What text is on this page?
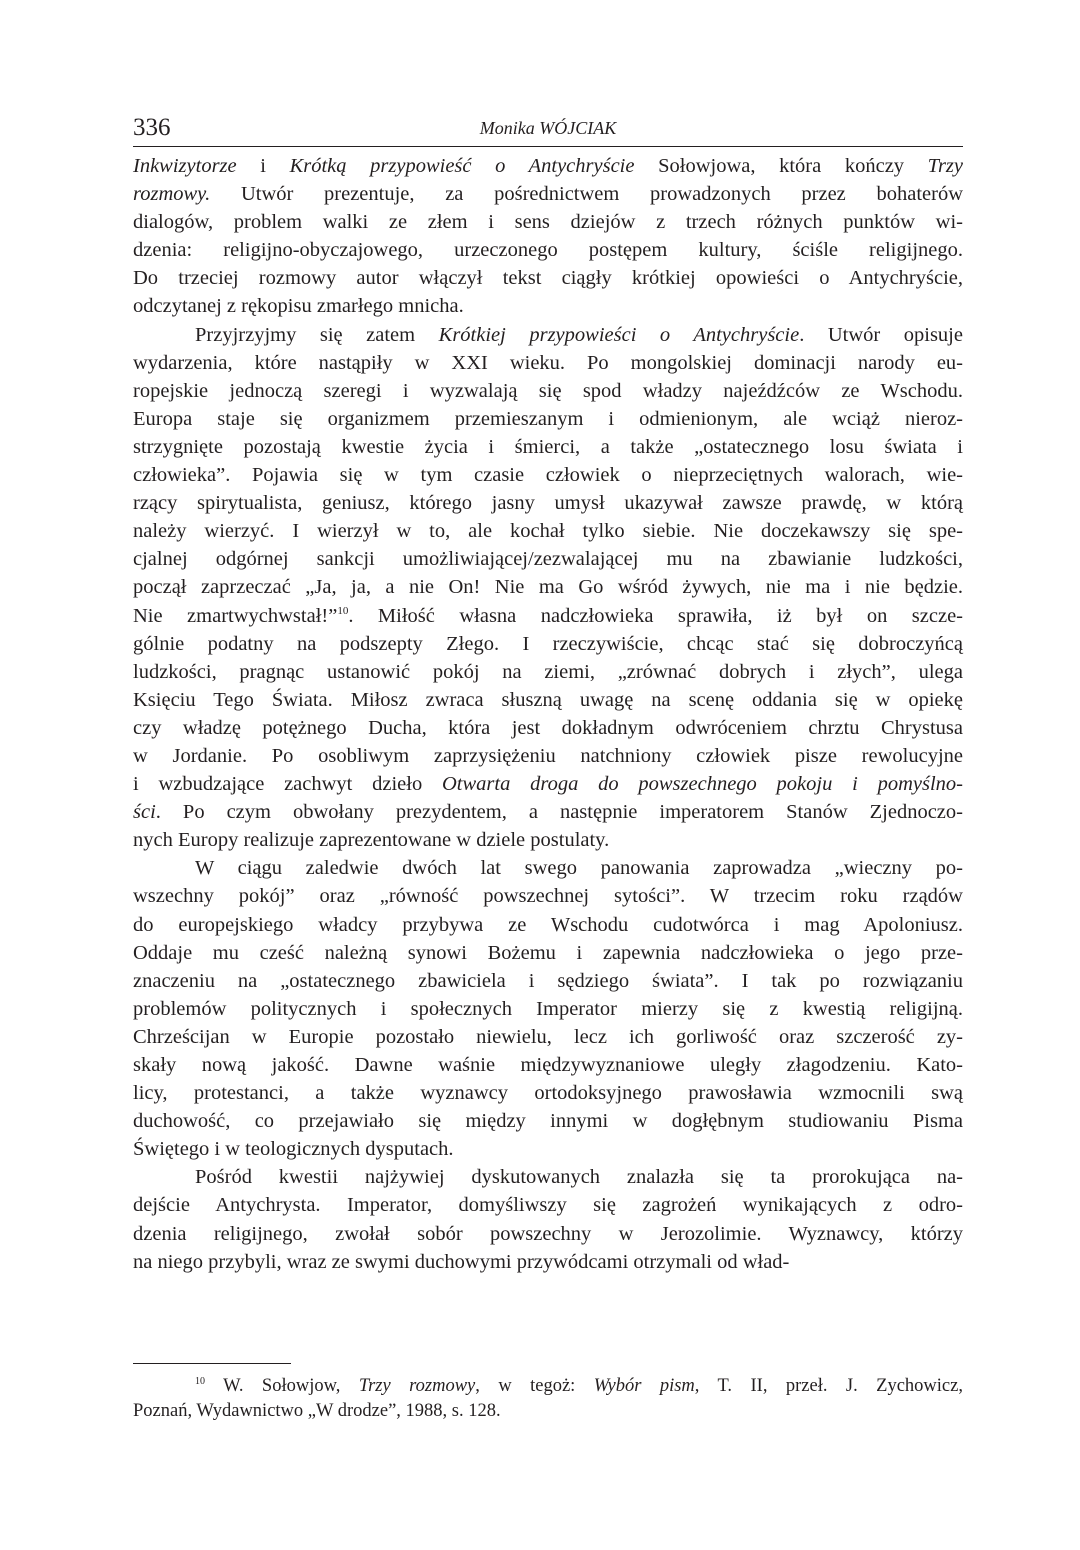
336	Monika WÓJCIAK
Inkwizytorze i Krótką przypowieść o Antychryście Sołowjowa, która kończy Trzy
rozmowy. Utwór prezentuje, za pośrednictwem prowadzonych przez bohaterów
dialogów, problem walki ze złem i sens dziejów z trzech różnych punktów wi-
dzenia: religijno-obyczajowego, urzeczonego postępem kultury, ściśle religijnego.
Do trzeciej rozmowy autor włączył tekst ciągły krótkiej opowieści o Antychryście,
odczytanej z rękopisu zmarłego mnicha.
Przyjrzyjmy się zatem Krótkiej przypowieści o Antychryście. Utwór opisuje
wydarzenia, które nastąpiły w XXI wieku. Po mongolskiej dominacji narody eu-
ropejskie jednoczą szeregi i wyzwalają się spod władzy najeźdźców ze Wschodu.
Europa staje się organizmem przemieszanym i odmienionym, ale wciąż nieroz-
strzygnięte pozostają kwestie życia i śmierci, a także „ostatecznego losu świata i
człowieka”. Pojawia się w tym czasie człowiek o nieprzeciętnych walorach, wie-
rzący spirytualista, geniusz, którego jasny umysł ukazywał zawsze prawdę, w którą
należy wierzyć. I wierzył w to, ale kochał tylko siebie. Nie doczekawszy się spe-
cjalnej odgórnej sankcji umożliwiającej/zezwalającej mu na zbawianie ludzkości,
począł zaprzeczać „Ja, ja, a nie On! Nie ma Go wśród żywych, nie ma i nie będzie.
Nie zmartwychwstał!”$^{10}$. Miłość własna nadczłowieka sprawiła, iż był on szcze-
gólnie podatny na podszepty Złego. I rzeczywiście, chcąc stać się dobroczyńcą
ludzkości, pragnąc ustanowić pokój na ziemi, „zrównać dobrych i złych”, ulega
Księciu Tego Świata. Miłosz zwraca słuszną uwagę na scenę oddania się w opiekę
czy władzę potężnego Ducha, która jest dokładnym odwróceniem chrztu Chrystusa
w Jordanie. Po osobliwym zaprzysiężeniu natchniony człowiek pisze rewolucyjne
i wzbudzające zachwyt dzieło Otwarta droga do powszechnego pokoju i pomyślno-
ści. Po czym obwołany prezydentem, a następnie imperatorem Stanów Zjednoczo-
nych Europy realizuje zaprezentowane w dziele postulaty.
W ciągu zaledwie dwóch lat swego panowania zaprowadza „wieczny po-
wszechny pokój” oraz „równość powszechnej sytości”. W trzecim roku rządów
do europejskiego władcy przybywa ze Wschodu cudotwórca i mag Apoloniusz.
Oddaje mu cześć należną synowi Bożemu i zapewnia nadczłowieka o jego prze-
znaczeniu na „ostatecznego zbawiciela i sędziego świata”. I tak po rozwiązaniu
problemów politycznych i społecznych Imperator mierzy się z kwestią religijną.
Chrześcijan w Europie pozostało niewielu, lecz ich gorliwość oraz szczerość zy-
skały nową jakość. Dawne waśnie międzywyznaniowe uległy złagodzeniu. Kato-
licy, protestanci, a także wyznawcy ortodoksyjnego prawosławia wzmocnili swą
duchowość, co przejawiało się między innymi w dogłębnym studiowaniu Pisma
Świętego i w teologicznych dysputach.
Pośród kwestii najżywiej dyskutowanych znalazła się ta prorokująca na-
dejście Antychrysta. Imperator, domyśliwszy się zagrożeń wynikających z odro-
dzenia religijnego, zwołał sobór powszechny w Jerozolimie. Wyznawcy, którzy
na niego przybyli, wraz ze swymi duchowymi przywódcami otrzymali od wład-
$^{10}$ W. Sołowjow, Trzy rozmowy, w tegoż: Wybór pism, T. II, przeł. J. Zychowicz,
Poznań, Wydawnictwo „W drodze”, 1988, s. 128.
